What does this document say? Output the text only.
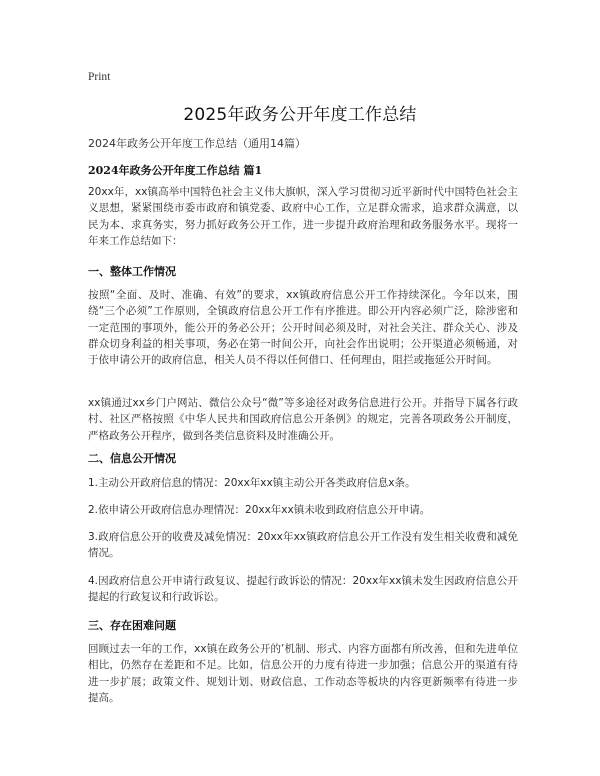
Print
2025年政务公开年度工作总结
2024年政务公开年度工作总结（通用14篇）
2024年政务公开年度工作总结 篇1

20xx年，xx镇高举中国特色社会主义伟大旗帜，深入学习贯彻习近平新时代中国特色社会主义思想，紧紧围绕市委市政府和镇党委、政府中心工作，立足群众需求，追求群众满意，以民为本、求真务实，努力抓好政务公开工作，进一步提升政府治理和政务服务水平。现将一年来工作总结如下：

一、整体工作情况

按照“全面、及时、准确、有效”的要求，xx镇政府信息公开工作持续深化。今年以来，围绕“三个必须”工作原则，全镇政府信息公开工作有序推进。即公开内容必须广泛，除涉密和一定范围的事项外，能公开的务必公开；公开时间必须及时，对社会关注、群众关心、涉及群众切身利益的相关事项，务必在第一时间公开，向社会作出说明；公开渠道必须畅通，对于依申请公开的政府信息，相关人员不得以任何借口、任何理由，阻拦或拖延公开时间。

xx镇通过xx乡门户网站、微信公众号“微”等多途径对政务信息进行公开。并指导下属各行政村、社区严格按照《中华人民共和国政府信息公开条例》的规定，完善各项政务公开制度，严格政务公开程序，做到各类信息资料及时准确公开。

二、信息公开情况

1.主动公开政府信息的情况：20xx年xx镇主动公开各类政府信息x条。

2.依申请公开政府信息办理情况：20xx年xx镇未收到政府信息公开申请。

3.政府信息公开的收费及减免情况：20xx年xx镇政府信息公开工作没有发生相关收费和减免情况。

4.因政府信息公开申请行政复议、提起行政诉讼的情况：20xx年xx镇未发生因政府信息公开提起的行政复议和行政诉讼。

三、存在困难问题

回顾过去一年的工作，xx镇在政务公开的’机制、形式、内容方面都有所改善，但和先进单位相比，仍然存在差距和不足。比如，信息公开的力度有待进一步加强；信息公开的渠道有待进一步扩展；政策文件、规划计划、财政信息、工作动态等板块的内容更新频率有待进一步提高。
